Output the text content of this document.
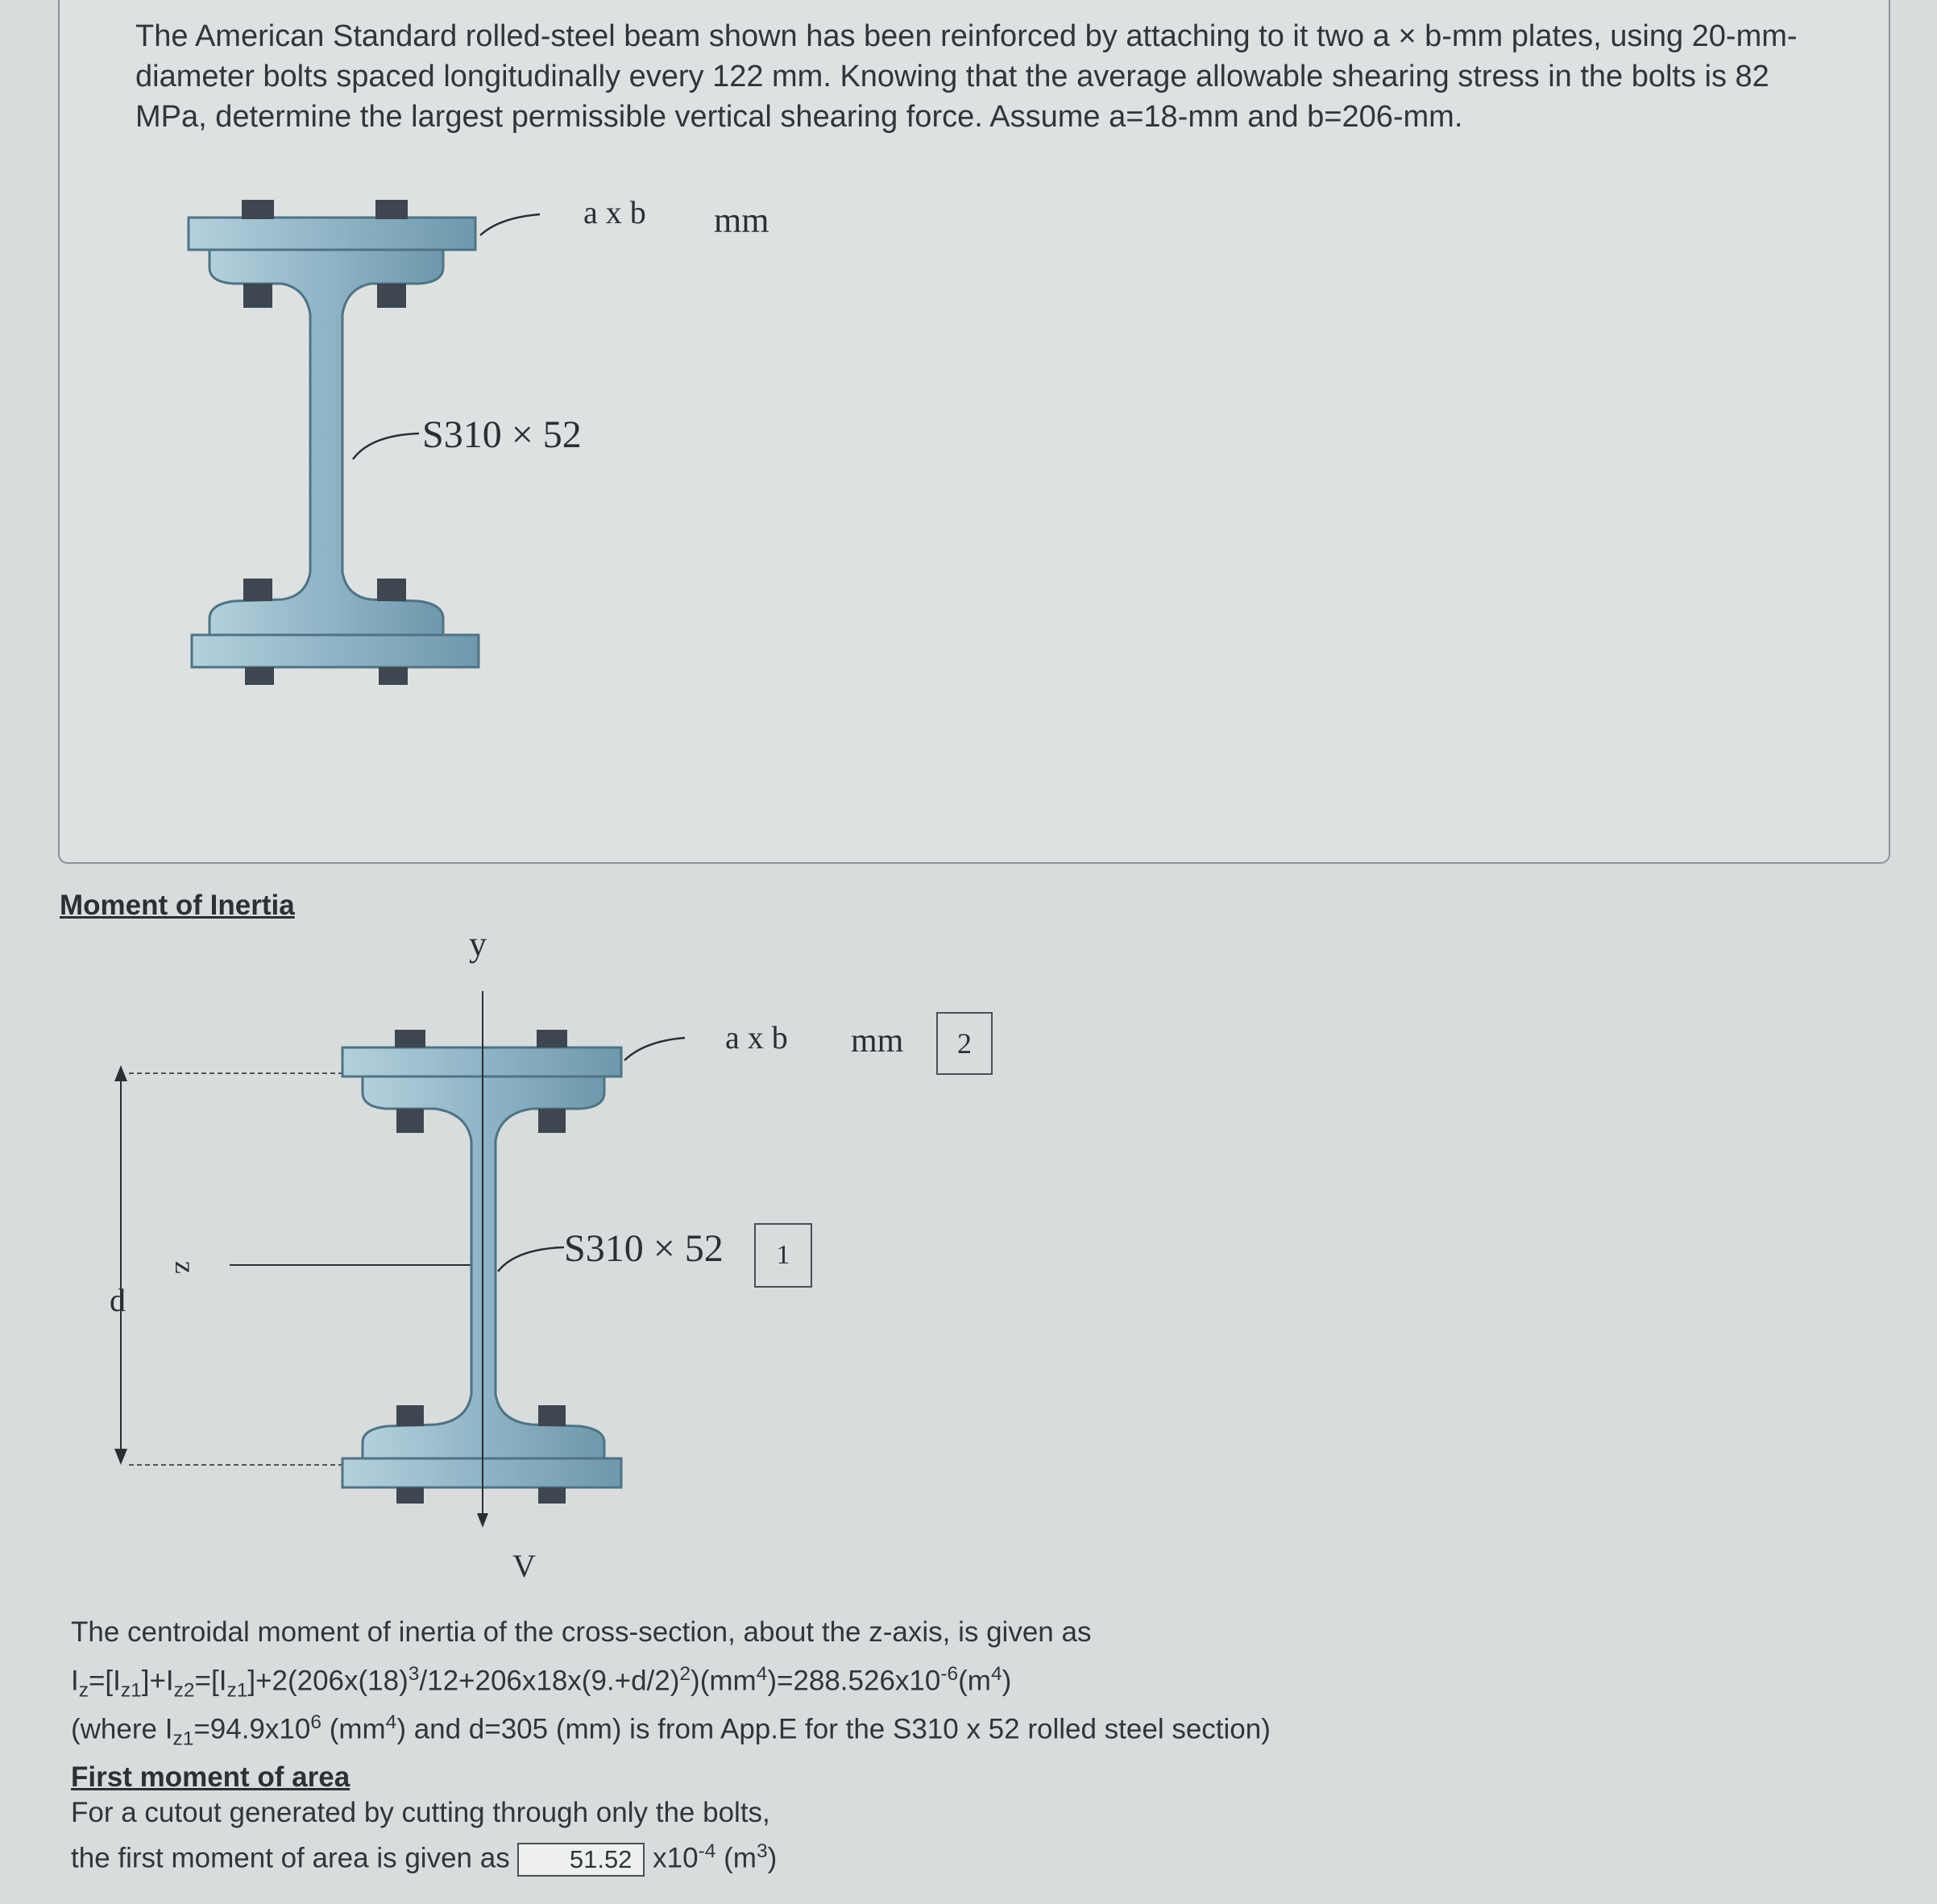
The American Standard rolled-steel beam shown has been reinforced by attaching to it two a × b-mm plates, using 20-mm-diameter bolts spaced longitudinally every 122 mm. Knowing that the average allowable shearing stress in the bolts is 82 MPa, determine the largest permissible vertical shearing force. Assume a=18-mm and b=206-mm.
a x b mm
S310 × 52
Moment of Inertia
y
z
d
V
a x b mm	2
S310 × 52	1
The centroidal moment of inertia of the cross-section, about the z-axis, is given as
$I_z=[I_{z1}]+I_{z2}=[I_{z1}]+2(206x(18)^3/12+206x18x(9.+d/2)^2)(mm^4)=288.526x10^{-6}(m^4)$
(where $I_{z1}=94.9x10^6$ $(mm^4)$ and d=305 (mm) is from App.E for the S310 x 52 rolled steel section)
First moment of area
For a cutout generated by cutting through only the bolts,
the first moment of area is given as 51.52 $x10^{-4}$ $(m^3)$
